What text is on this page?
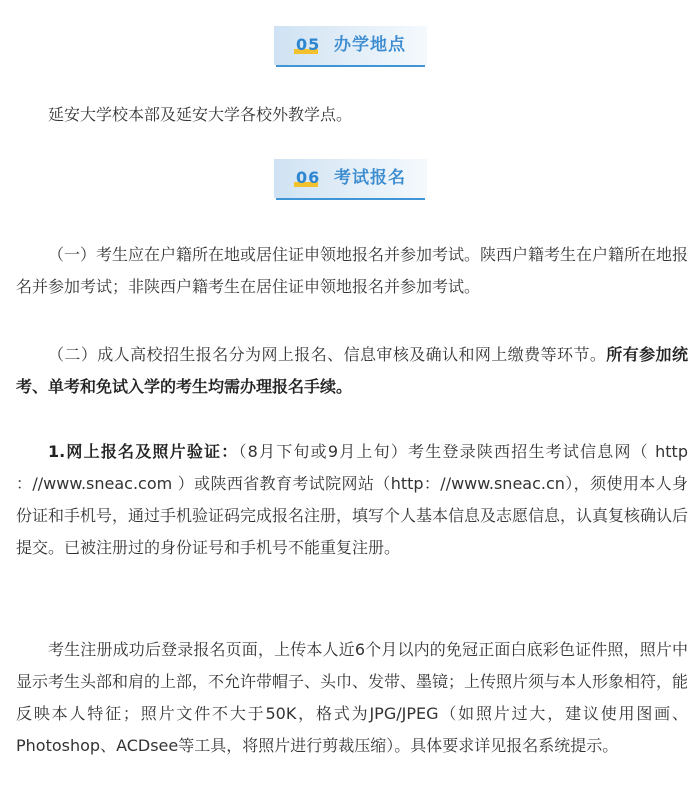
05 办学地点

延安大学校本部及延安大学各校外教学点。

06 考试报名

（一）考生应在户籍所在地或居住证申领地报名并参加考试。陕西户籍考生在户籍所在地报名并参加考试；非陕西户籍考生在居住证申领地报名并参加考试。

（二）成人高校招生报名分为网上报名、信息审核及确认和网上缴费等环节。所有参加统考、单考和免试入学的考生均需办理报名手续。

1.网上报名及照片验证：（8月下旬或9月上旬）考生登录陕西招生考试信息网（ http ：//www.sneac.com ）或陕西省教育考试院网站（http：//www.sneac.cn），须使用本人身份证和手机号，通过手机验证码完成报名注册，填写个人基本信息及志愿信息，认真复核确认后提交。已被注册过的身份证号和手机号不能重复注册。

考生注册成功后登录报名页面，上传本人近6个月以内的免冠正面白底彩色证件照，照片中显示考生头部和肩的上部，不允许带帽子、头巾、发带、墨镜；上传照片须与本人形象相符，能反映本人特征；照片文件不大于50K，格式为JPG/JPEG（如照片过大，建议使用图画、Photoshop、ACDsee等工具，将照片进行剪裁压缩）。具体要求详见报名系统提示。
